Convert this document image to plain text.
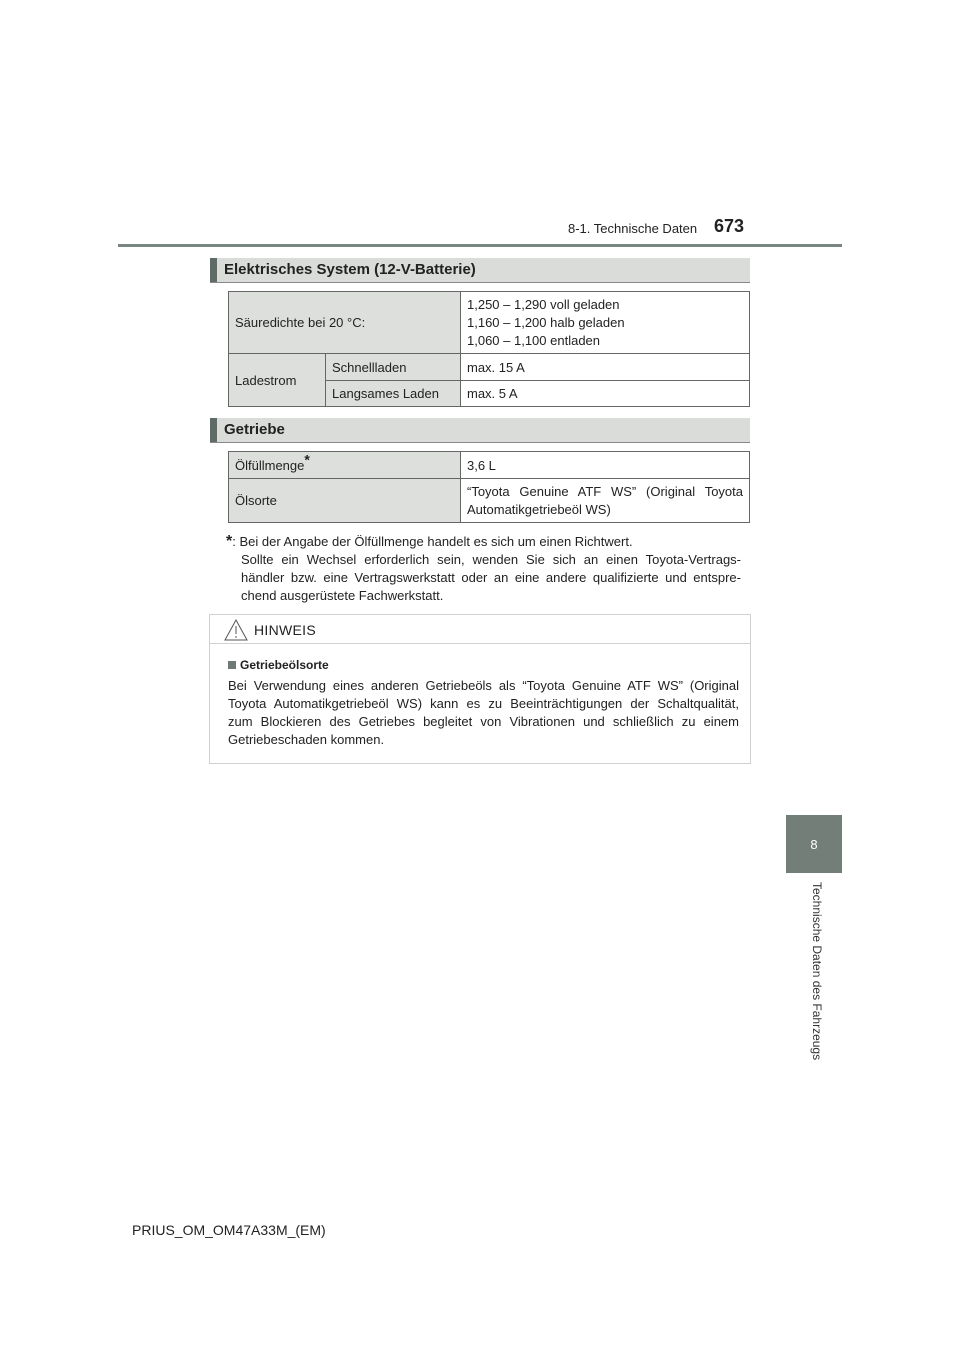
8-1. Technische Daten 673
8
Technische Daten des Fahrzeugs
Elektrisches System (12-V-Batterie)
Säuredichte bei 20 °C:		1,250 – 1,290 voll geladen
1,160 – 1,200 halb geladen
1,060 – 1,100 entladen

Ladestrom	Schnellladen	max. 15 A
	Langsames Laden	max. 5 A
Getriebe
Ölfüllmenge*	3,6 L
Ölsorte	“Toyota Genuine ATF WS” (Original Toyota
Automatikgetriebeöl WS)
*: Bei der Angabe der Ölfüllmenge handelt es sich um einen Richtwert.
Sollte ein Wechsel erforderlich sein, wenden Sie sich an einen Toyota-Vertrags-
händler bzw. eine Vertragswerkstatt oder an eine andere qualifizierte und entspre-
chend ausgerüstete Fachwerkstatt.
HINWEIS
Getriebeölsorte
Bei Verwendung eines anderen Getriebeöls als “Toyota Genuine ATF WS” (Original
Toyota Automatikgetriebeöl WS) kann es zu Beeinträchtigungen der Schaltqualität,
zum Blockieren des Getriebes begleitet von Vibrationen und schließlich zu einem
Getriebeschaden kommen.
PRIUS_OM_OM47A33M_(EM)
